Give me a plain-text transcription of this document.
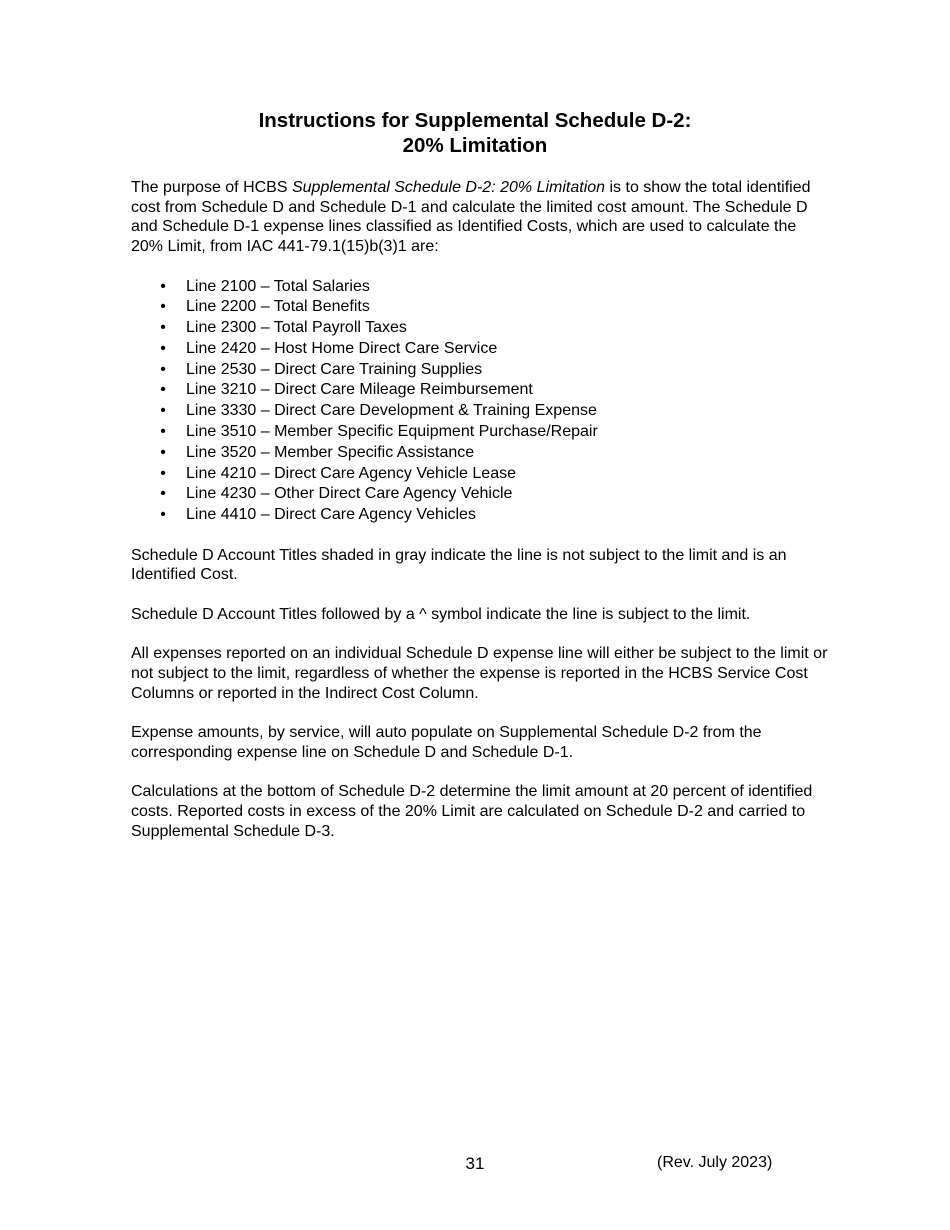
Instructions for Supplemental Schedule D-2:
20% Limitation

The purpose of HCBS Supplemental Schedule D-2: 20% Limitation is to show the total identified cost from Schedule D and Schedule D-1 and calculate the limited cost amount. The Schedule D and Schedule D-1 expense lines classified as Identified Costs, which are used to calculate the 20% Limit, from IAC 441-79.1(15)b(3)1 are:

• Line 2100 – Total Salaries
• Line 2200 – Total Benefits
• Line 2300 – Total Payroll Taxes
• Line 2420 – Host Home Direct Care Service
• Line 2530 – Direct Care Training Supplies
• Line 3210 – Direct Care Mileage Reimbursement
• Line 3330 – Direct Care Development & Training Expense
• Line 3510 – Member Specific Equipment Purchase/Repair
• Line 3520 – Member Specific Assistance
• Line 4210 – Direct Care Agency Vehicle Lease
• Line 4230 – Other Direct Care Agency Vehicle
• Line 4410 – Direct Care Agency Vehicles

Schedule D Account Titles shaded in gray indicate the line is not subject to the limit and is an Identified Cost.

Schedule D Account Titles followed by a ^ symbol indicate the line is subject to the limit.

All expenses reported on an individual Schedule D expense line will either be subject to the limit or not subject to the limit, regardless of whether the expense is reported in the HCBS Service Cost Columns or reported in the Indirect Cost Column.

Expense amounts, by service, will auto populate on Supplemental Schedule D-2 from the corresponding expense line on Schedule D and Schedule D-1.

Calculations at the bottom of Schedule D-2 determine the limit amount at 20 percent of identified costs. Reported costs in excess of the 20% Limit are calculated on Schedule D-2 and carried to Supplemental Schedule D-3.

31	(Rev. July 2023)
